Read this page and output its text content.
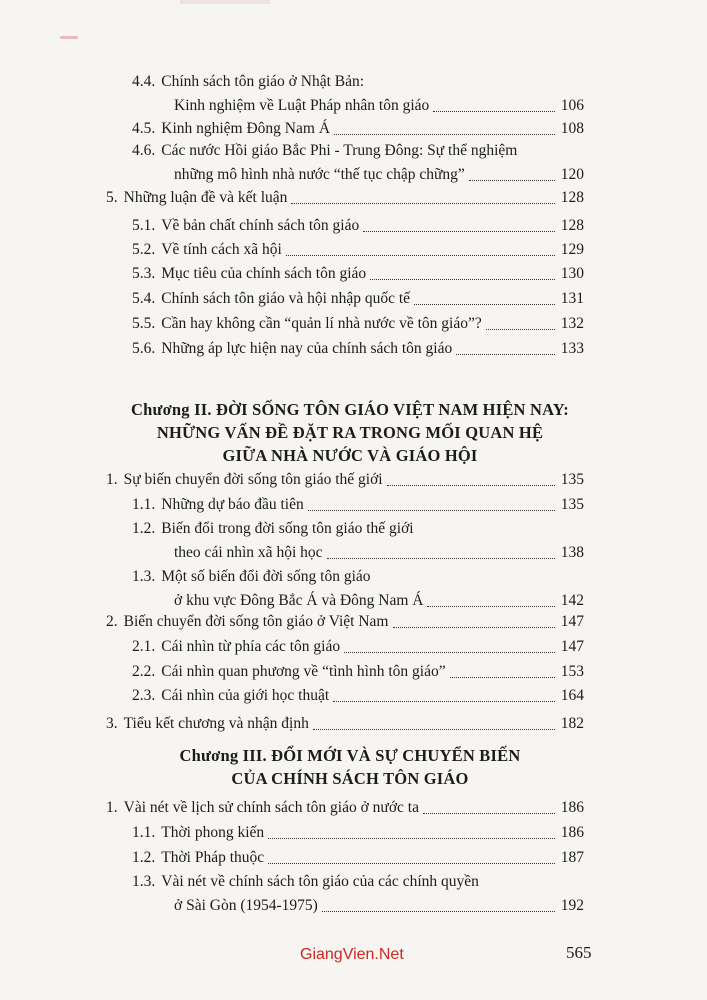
4.4. Chính sách tôn giáo ở Nhật Bản:
Kinh nghiệm về Luật Pháp nhân tôn giáo	106
4.5. Kinh nghiệm Đông Nam Á	108
4.6. Các nước Hồi giáo Bắc Phi - Trung Đông: Sự thể nghiệm
những mô hình nhà nước “thế tục chập chững”	120
5. Những luận đề và kết luận	128
5.1. Về bản chất chính sách tôn giáo	128
5.2. Về tính cách xã hội	129
5.3. Mục tiêu của chính sách tôn giáo	130
5.4. Chính sách tôn giáo và hội nhập quốc tế	131
5.5. Cần hay không cần “quản lí nhà nước về tôn giáo”?	132
5.6. Những áp lực hiện nay của chính sách tôn giáo	133
Chương II. ĐỜI SỐNG TÔN GIÁO VIỆT NAM HIỆN NAY:
NHỮNG VẤN ĐỀ ĐẶT RA TRONG MỐI QUAN HỆ
GIỮA NHÀ NƯỚC VÀ GIÁO HỘI
1. Sự biến chuyển đời sống tôn giáo thế giới	135
1.1. Những dự báo đầu tiên	135
1.2. Biến đổi trong đời sống tôn giáo thế giới
theo cái nhìn xã hội học	138
1.3. Một số biến đổi đời sống tôn giáo
ở khu vực Đông Bắc Á và Đông Nam Á	142
2. Biến chuyển đời sống tôn giáo ở Việt Nam	147
2.1. Cái nhìn từ phía các tôn giáo	147
2.2. Cái nhìn quan phương về “tình hình tôn giáo”	153
2.3. Cái nhìn của giới học thuật	164
3. Tiểu kết chương và nhận định	182
Chương III. ĐỔI MỚI VÀ SỰ CHUYỂN BIẾN
CỦA CHÍNH SÁCH TÔN GIÁO
1. Vài nét về lịch sử chính sách tôn giáo ở nước ta	186
1.1. Thời phong kiến	186
1.2. Thời Pháp thuộc	187
1.3. Vài nét về chính sách tôn giáo của các chính quyền
ở Sài Gòn (1954-1975)	192
GiangVien.Net	565
